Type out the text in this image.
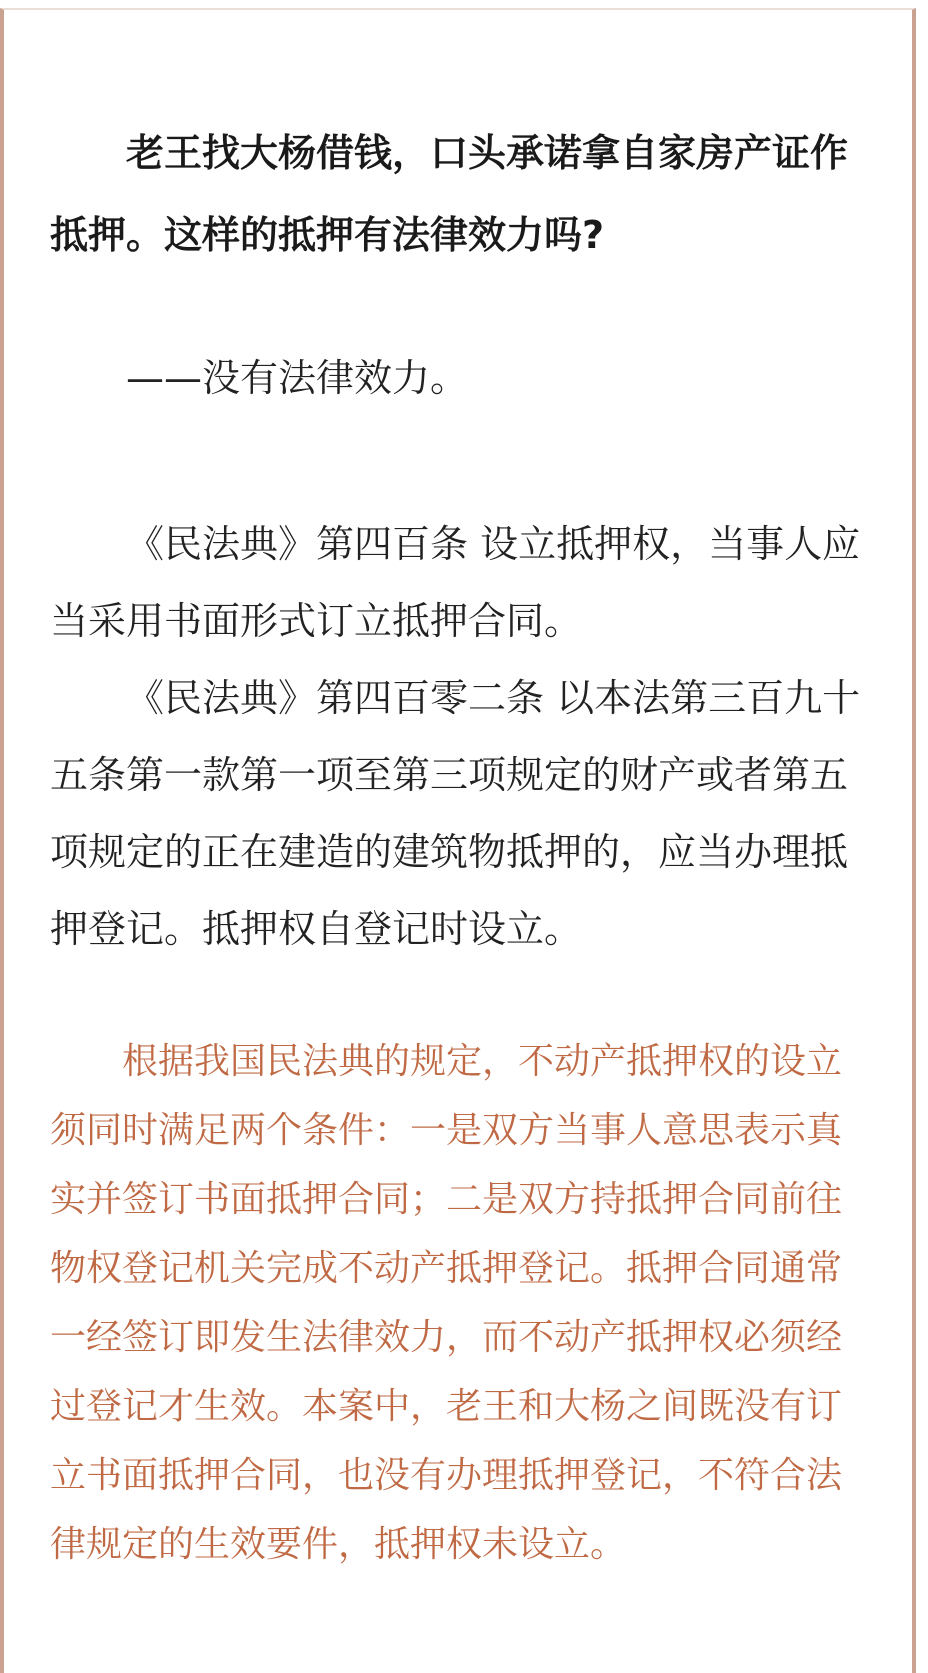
老王找大杨借钱，口头承诺拿自家房产证作抵押。这样的抵押有法律效力吗?

——没有法律效力。

《民法典》第四百条 设立抵押权，当事人应当采用书面形式订立抵押合同。

《民法典》第四百零二条 以本法第三百九十五条第一款第一项至第三项规定的财产或者第五项规定的正在建造的建筑物抵押的，应当办理抵押登记。抵押权自登记时设立。

根据我国民法典的规定，不动产抵押权的设立须同时满足两个条件：一是双方当事人意思表示真实并签订书面抵押合同；二是双方持抵押合同前往物权登记机关完成不动产抵押登记。抵押合同通常一经签订即发生法律效力，而不动产抵押权必须经过登记才生效。本案中，老王和大杨之间既没有订立书面抵押合同，也没有办理抵押登记，不符合法律规定的生效要件，抵押权未设立。
